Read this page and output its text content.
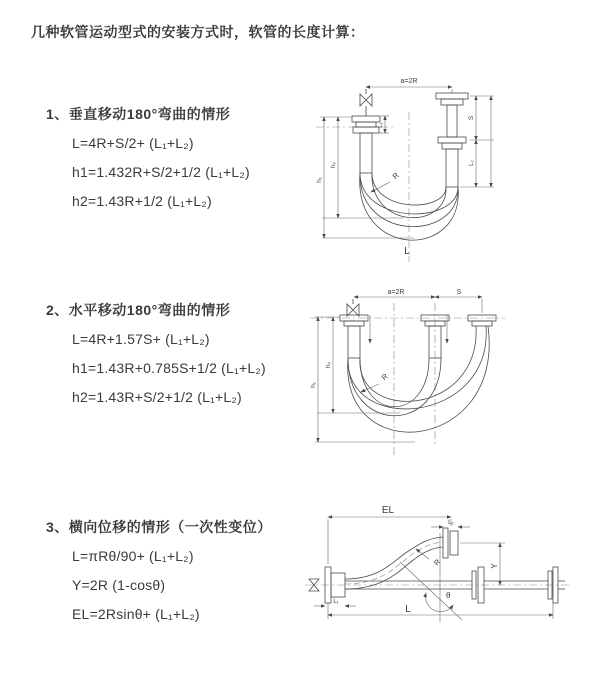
几种软管运动型式的安装方式时，软管的长度计算：
1、垂直移动180°弯曲的情形
L=4R+S/2+ (L₁+L₂)
h1=1.432R+S/2+1/2 (L₁+L₂)
h2=1.43R+1/2 (L₁+L₂)
2、水平移动180°弯曲的情形
L=4R+1.57S+ (L₁+L₂)
h1=1.43R+0.785S+1/2 (L₁+L₂)
h2=1.43R+S/2+1/2 (L₁+L₂)
3、横向位移的情形（一次性变位）
L=πRθ/90+ (L₁+L₂)
Y=2R (1-cosθ)
EL=2Rsinθ+ (L₁+L₂)
a=2R
L₁
S
L₂
h₂
h₁	R
L
a=2R	S
h₂
h₁
R
EL
L₂
Y
L
L₁
R
θ
